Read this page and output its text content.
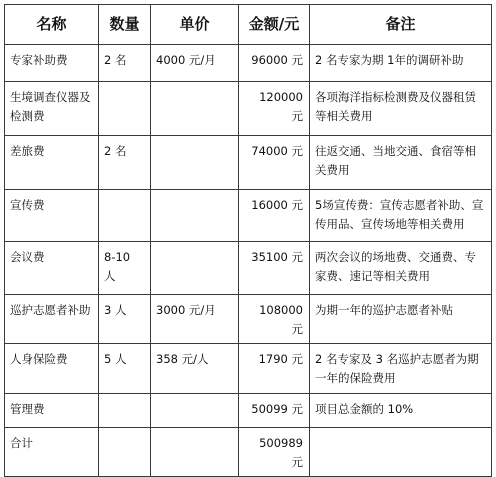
名称	数量	单价	金额/元	备注
专家补助费	2 名	4000 元/月	96000 元	2 名专家为期 1年的调研补助
生境调查仪器及检测费			120000 元	各项海洋指标检测费及仪器租赁等相关费用
差旅费	2 名		74000 元	往返交通、当地交通、食宿等相关费用
宣传费			16000 元	5场宣传费：宣传志愿者补助、宣传用品、宣传场地等相关费用
会议费	8-10 人		35100 元	两次会议的场地费、交通费、专家费、速记等相关费用
巡护志愿者补助	3 人	3000 元/月	108000 元	为期一年的巡护志愿者补贴
人身保险费	5 人	358 元/人	1790 元	2 名专家及 3 名巡护志愿者为期一年的保险费用
管理费			50099 元	项目总金额的 10%
合计			500989 元	
